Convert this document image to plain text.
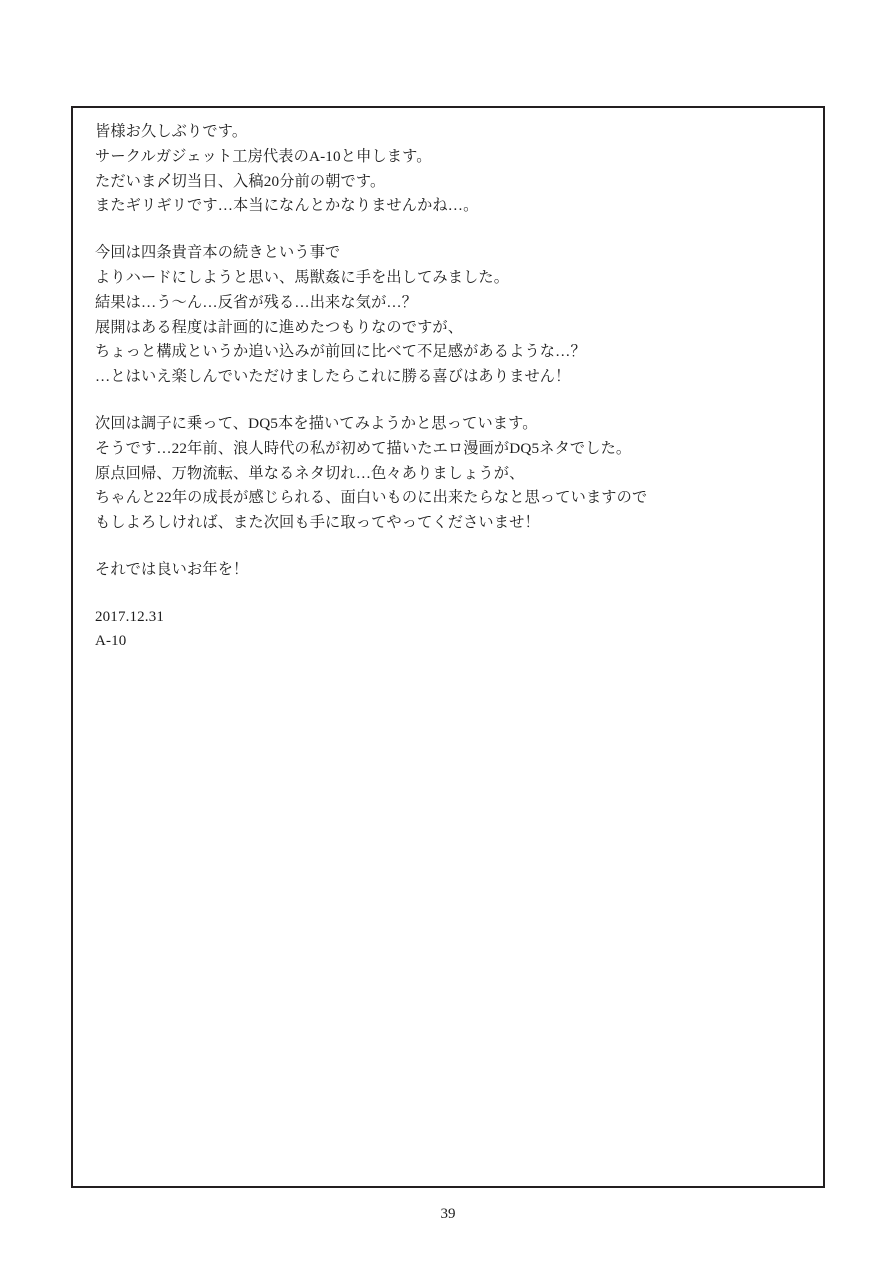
皆様お久しぶりです。
サークルガジェット工房代表のA-10と申します。
ただいま〆切当日、入稿20分前の朝です。
またギリギリです…本当になんとかなりませんかね…。
今回は四条貴音本の続きという事で
よりハードにしようと思い、馬獣姦に手を出してみました。
結果は…う〜ん…反省が残る…出来な気が…？
展開はある程度は計画的に進めたつもりなのですが、
ちょっと構成というか追い込みが前回に比べて不足感があるような…？
…とはいえ楽しんでいただけましたらこれに勝る喜びはありません！
次回は調子に乗って、DQ5本を描いてみようかと思っています。
そうです…22年前、浪人時代の私が初めて描いたエロ漫画がDQ5ネタでした。
原点回帰、万物流転、単なるネタ切れ…色々ありましょうが、
ちゃんと22年の成長が感じられる、面白いものに出来たらなと思っていますので
もしよろしければ、また次回も手に取ってやってくださいませ！
それでは良いお年を！
2017.12.31
A-10
39
